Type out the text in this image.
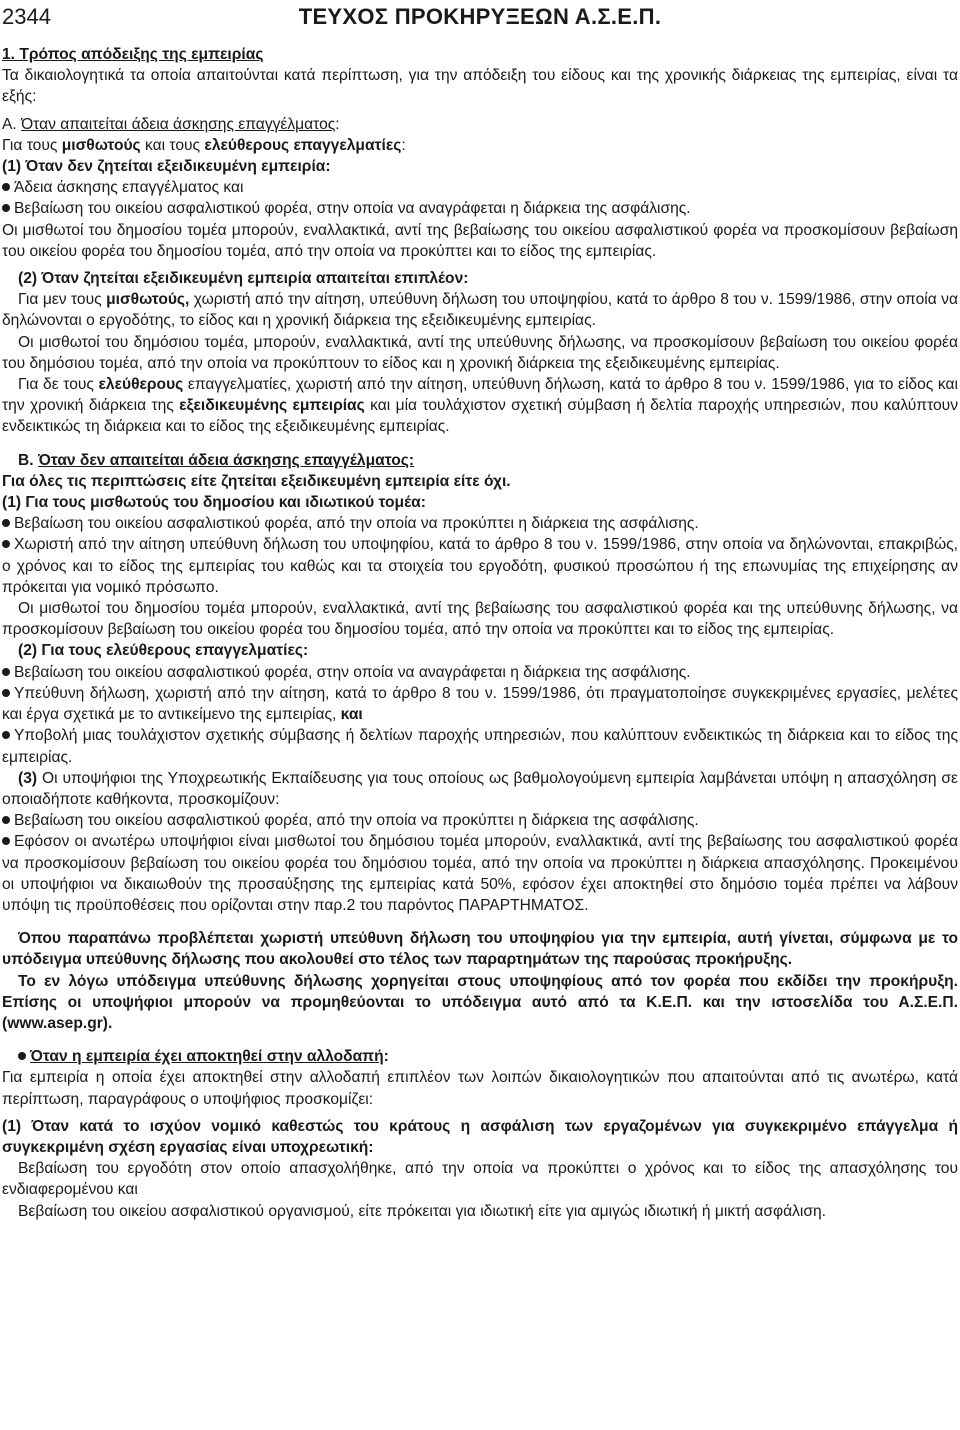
2344	ΤΕΥΧΟΣ ΠΡΟΚΗΡΥΞΕΩΝ Α.Σ.Ε.Π.

1. Τρόπος απόδειξης της εμπειρίας

Τα δικαιολογητικά τα οποία απαιτούνται κατά περίπτωση, για την απόδειξη του είδους και της χρονικής διάρκειας της εμπειρίας, είναι τα εξής:

Α. Όταν απαιτείται άδεια άσκησης επαγγέλματος:

Για τους μισθωτούς και τους ελεύθερους επαγγελματίες:

(1) Όταν δεν ζητείται εξειδικευμένη εμπειρία:

Άδεια άσκησης επαγγέλματος και

Βεβαίωση του οικείου ασφαλιστικού φορέα, στην οποία να αναγράφεται η διάρκεια της ασφάλισης.

Οι μισθωτοί του δημοσίου τομέα μπορούν, εναλλακτικά, αντί της βεβαίωσης του οικείου ασφαλιστικού φορέα να προσκομίσουν βεβαίωση του οικείου φορέα του δημοσίου τομέα, από την οποία να προκύπτει και το είδος της εμπειρίας.

(2) Όταν ζητείται εξειδικευμένη εμπειρία απαιτείται επιπλέον:

Για μεν τους μισθωτούς, χωριστή από την αίτηση, υπεύθυνη δήλωση του υποψηφίου, κατά το άρθρο 8 του ν. 1599/1986, στην οποία να δηλώνονται ο εργοδότης, το είδος και η χρονική διάρκεια της εξειδικευμένης εμπειρίας.

Οι μισθωτοί του δημόσιου τομέα, μπορούν, εναλλακτικά, αντί της υπεύθυνης δήλωσης, να προσκομίσουν βεβαίωση του οικείου φορέα του δημόσιου τομέα, από την οποία να προκύπτουν το είδος και η χρονική διάρκεια της εξειδικευμένης εμπειρίας.

Για δε τους ελεύθερους επαγγελματίες, χωριστή από την αίτηση, υπεύθυνη δήλωση, κατά το άρθρο 8 του ν. 1599/1986, για το είδος και την χρονική διάρκεια της εξειδικευμένης εμπειρίας και μία τουλάχιστον σχετική σύμβαση ή δελτία παροχής υπηρεσιών, που καλύπτουν ενδεικτικώς τη διάρκεια και το είδος της εξειδικευμένης εμπειρίας.

Β. Όταν δεν απαιτείται άδεια άσκησης επαγγέλματος:

Για όλες τις περιπτώσεις είτε ζητείται εξειδικευμένη εμπειρία είτε όχι.

(1) Για τους μισθωτούς του δημοσίου και ιδιωτικού τομέα:

Βεβαίωση του οικείου ασφαλιστικού φορέα, από την οποία να προκύπτει η διάρκεια της ασφάλισης.

Χωριστή από την αίτηση υπεύθυνη δήλωση του υποψηφίου, κατά το άρθρο 8 του ν. 1599/1986, στην οποία να δηλώνονται, επακριβώς, ο χρόνος και το είδος της εμπειρίας του καθώς και τα στοιχεία του εργοδότη, φυσικού προσώπου ή της επωνυμίας της επιχείρησης αν πρόκειται για νομικό πρόσωπο.

Οι μισθωτοί του δημοσίου τομέα μπορούν, εναλλακτικά, αντί της βεβαίωσης του ασφαλιστικού φορέα και της υπεύθυνης δήλωσης, να προσκομίσουν βεβαίωση του οικείου φορέα του δημοσίου τομέα, από την οποία να προκύπτει και το είδος της εμπειρίας.

(2) Για τους ελεύθερους επαγγελματίες:

Βεβαίωση του οικείου ασφαλιστικού φορέα, στην οποία να αναγράφεται η διάρκεια της ασφάλισης.

Υπεύθυνη δήλωση, χωριστή από την αίτηση, κατά το άρθρο 8 του ν. 1599/1986, ότι πραγματοποίησε συγκεκριμένες εργασίες, μελέτες και έργα σχετικά με το αντικείμενο της εμπειρίας, και

Υποβολή μιας τουλάχιστον σχετικής σύμβασης ή δελτίων παροχής υπηρεσιών, που καλύπτουν ενδεικτικώς τη διάρκεια και το είδος της εμπειρίας.

(3) Οι υποψήφιοι της Υποχρεωτικής Εκπαίδευσης για τους οποίους ως βαθμολογούμενη εμπειρία λαμβάνεται υπόψη η απασχόληση σε οποιαδήποτε καθήκοντα, προσκομίζουν:

Βεβαίωση του οικείου ασφαλιστικού φορέα, από την οποία να προκύπτει η διάρκεια της ασφάλισης.

Εφόσον οι ανωτέρω υποψήφιοι είναι μισθωτοί του δημόσιου τομέα μπορούν, εναλλακτικά, αντί της βεβαίωσης του ασφαλιστικού φορέα να προσκομίσουν βεβαίωση του οικείου φορέα του δημόσιου τομέα, από την οποία να προκύπτει η διάρκεια απασχόλησης. Προκειμένου οι υποψήφιοι να δικαιωθούν της προσαύξησης της εμπειρίας κατά 50%, εφόσον έχει αποκτηθεί στο δημόσιο τομέα πρέπει να λάβουν υπόψη τις προϋποθέσεις που ορίζονται στην παρ.2 του παρόντος ΠΑΡΑΡΤΗΜΑΤΟΣ.

Όπου παραπάνω προβλέπεται χωριστή υπεύθυνη δήλωση του υποψηφίου για την εμπειρία, αυτή γίνεται, σύμφωνα με το υπόδειγμα υπεύθυνης δήλωσης που ακολουθεί στο τέλος των παραρτημάτων της παρούσας προκήρυξης.

Το εν λόγω υπόδειγμα υπεύθυνης δήλωσης χορηγείται στους υποψηφίους από τον φορέα που εκδίδει την προκήρυξη. Επίσης οι υποψήφιοι μπορούν να προμηθεύονται το υπόδειγμα αυτό από τα Κ.Ε.Π. και την ιστοσελίδα του Α.Σ.Ε.Π. (www.asep.gr).

Όταν η εμπειρία έχει αποκτηθεί στην αλλοδαπή:

Για εμπειρία η οποία έχει αποκτηθεί στην αλλοδαπή επιπλέον των λοιπών δικαιολογητικών που απαιτούνται από τις ανωτέρω, κατά περίπτωση, παραγράφους ο υποψήφιος προσκομίζει:

(1) Όταν κατά το ισχύον νομικό καθεστώς του κράτους η ασφάλιση των εργαζομένων για συγκεκριμένο επάγγελμα ή συγκεκριμένη σχέση εργασίας είναι υποχρεωτική:

Βεβαίωση του εργοδότη στον οποίο απασχολήθηκε, από την οποία να προκύπτει ο χρόνος και το είδος της απασχόλησης του ενδιαφερομένου και

Βεβαίωση του οικείου ασφαλιστικού οργανισμού, είτε πρόκειται για ιδιωτική είτε για αμιγώς ιδιωτική ή μικτή ασφάλιση.
